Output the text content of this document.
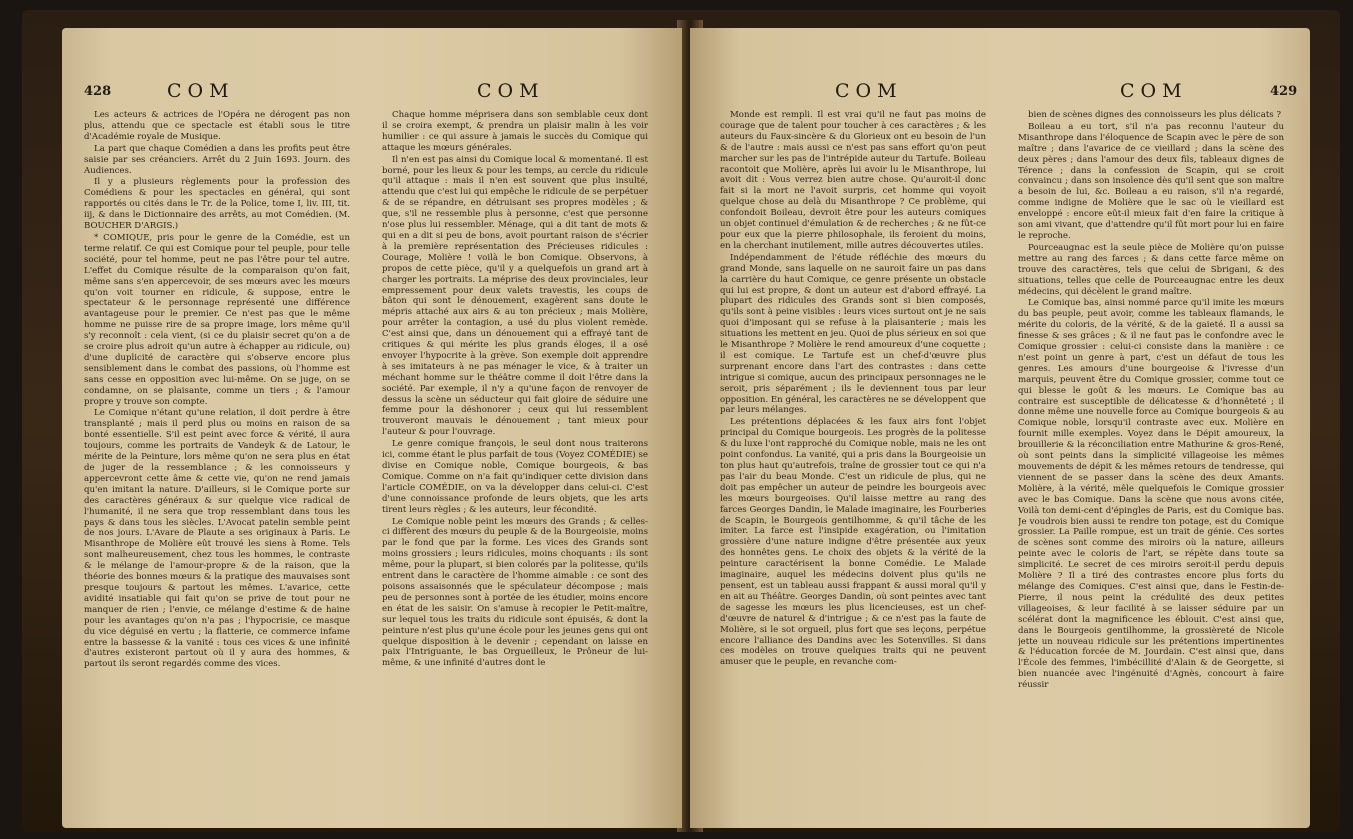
428	COM	COM

Les acteurs & actrices de l'Opéra ne dérogent pas non plus, attendu que ce spectacle est établi sous le titre d'Académie royale de Musique.

La part que chaque Comédien a dans les profits peut être saisie par ses créanciers. Arrêt du 2 Juin 1693. Journ. des Audiences.

Il y a plusieurs règlements pour la profession des Comédiens & pour les spectacles en général, qui sont rapportés ou cités dans le Tr. de la Police, tome I, liv. III, tit. iij, & dans le Dictionnaire des arrêts, au mot Comédien. (M. BOUCHER D'ARGIS.)

* COMIQUE, pris pour le genre de la Comédie, est un terme relatif. Ce qui est Comique pour tel peuple, pour telle société, pour tel homme, peut ne pas l'être pour tel autre. L'effet du Comique résulte de la comparaison qu'on fait, même sans s'en appercevoir, de ses mœurs avec les mœurs qu'on voit tourner en ridicule, & suppose, entre le spectateur & le personnage représenté une différence avantageuse pour le premier. Ce n'est pas que le même homme ne puisse rire de sa propre image, lors même qu'il s'y reconnoît : cela vient, (si ce du plaisir secret qu'on a de se croire plus adroit qu'un autre à échapper au ridicule, ou) d'une duplicité de caractère qui s'observe encore plus sensiblement dans le combat des passions, où l'homme est sans cesse en opposition avec lui-même. On se juge, on se condamne, on se plaisante, comme un tiers ; & l'amour propre y trouve son compte.

Le Comique n'étant qu'une relation, il doit perdre à être transplanté ; mais il perd plus ou moins en raison de sa bonté essentielle. S'il est peint avec force & vérité, il aura toujours, comme les portraits de Vandeyk & de Latour, le mérite de la Peinture, lors même qu'on ne sera plus en état de juger de la ressemblance ; & les connoisseurs y appercevront cette âme & cette vie, qu'on ne rend jamais qu'en imitant la nature. D'ailleurs, si le Comique porte sur des caractères généraux & sur quelque vice radical de l'humanité, il ne sera que trop ressemblant dans tous les pays & dans tous les siècles. L'Avocat patelin semble peint de nos jours. L'Avare de Plaute a ses originaux à Paris. Le Misanthrope de Molière eût trouvé les siens à Rome. Tels sont malheureusement, chez tous les hommes, le contraste & le mélange de l'amour-propre & de la raison, que la théorie des bonnes mœurs & la pratique des mauvaises sont presque toujours & partout les mêmes. L'avarice, cette avidité insatiable qui fait qu'on se prive de tout pour ne manquer de rien ; l'envie, ce mélange d'estime & de haine pour les avantages qu'on n'a pas ; l'hypocrisie, ce masque du vice déguisé en vertu ; la flatterie, ce commerce infame entre la bassesse & la vanité : tous ces vices & une infinité d'autres existeront partout où il y aura des hommes, & partout ils seront regardés comme des vices.

Chaque homme méprisera dans son semblable ceux dont il se croira exempt, & prendra un plaisir malin à les voir humilier : ce qui assure à jamais le succès du Comique qui attaque les mœurs générales.

Il n'en est pas ainsi du Comique local & momentané. Il est borné, pour les lieux & pour les temps, au cercle du ridicule qu'il attaque : mais il n'en est souvent que plus insulté, attendu que c'est lui qui empêche le ridicule de se perpétuer & de se répandre, en détruisant ses propres modèles ; & que, s'il ne ressemble plus à personne, c'est que personne n'ose plus lui ressembler. Ménage, qui a dit tant de mots & qui en a dit si peu de bons, avoit pourtant raison de s'écrier à la première représentation des Précieuses ridicules : Courage, Molière ! voilà le bon Comique. Observons, à propos de cette pièce, qu'il y a quelquefois un grand art à charger les portraits. La méprise des deux provinciales, leur empressement pour deux valets travestis, les coups de bâton qui sont le dénouement, exagèrent sans doute le mépris attaché aux airs & au ton précieux ; mais Molière, pour arrêter la contagion, a usé du plus violent remède. C'est ainsi que, dans un dénouement qui a effrayé tant de critiques & qui mérite les plus grands éloges, il a osé envoyer l'hypocrite à la grève. Son exemple doit apprendre à ses imitateurs à ne pas ménager le vice, & à traiter un méchant homme sur le théâtre comme il doit l'être dans la société. Par exemple, il n'y a qu'une façon de renvoyer de dessus la scène un séducteur qui fait gloire de séduire une femme pour la déshonorer ; ceux qui lui ressemblent trouveront mauvais le dénouement ; tant mieux pour l'auteur & pour l'ouvrage.

Le genre comique françois, le seul dont nous traiterons ici, comme étant le plus parfait de tous (Voyez COMÉDIE) se divise en Comique noble, Comique bourgeois, & bas Comique. Comme on n'a fait qu'indiquer cette division dans l'article COMÉDIE, on va la développer dans celui-ci. C'est d'une connoissance profonde de leurs objets, que les arts tirent leurs règles ; & les auteurs, leur fécondité.

Le Comique noble peint les mœurs des Grands ; & celles-ci diffèrent des mœurs du peuple & de la Bourgeoisie, moins par le fond que par la forme. Les vices des Grands sont moins grossiers ; leurs ridicules, moins choquants : ils sont même, pour la plupart, si bien colorés par la politesse, qu'ils entrent dans le caractère de l'homme aimable : ce sont des poisons assaisonnés que le spéculateur décompose ; mais peu de personnes sont à portée de les étudier, moins encore en état de les saisir. On s'amuse à recopier le Petit-maître, sur lequel tous les traits du ridicule sont épuisés, & dont la peinture n'est plus qu'une école pour les jeunes gens qui ont quelque disposition à le devenir ; cependant on laisse en paix l'Intriguante, le bas Orgueilleux, le Prôneur de lui-même, & une infinité d'autres dont le

COM	COM	429

Monde est rempli. Il est vrai qu'il ne faut pas moins de courage que de talent pour toucher à ces caractères ; & les auteurs du Faux-sincère & du Glorieux ont eu besoin de l'un & de l'autre : mais aussi ce n'est pas sans effort qu'on peut marcher sur les pas de l'intrépide auteur du Tartufe. Boileau racontoit que Molière, après lui avoir lu le Misanthrope, lui avoit dit : Vous verrez bien autre chose. Qu'auroit-il donc fait si la mort ne l'avoit surpris, cet homme qui voyoit quelque chose au delà du Misanthrope ? Ce problème, qui confondoit Boileau, devroit être pour les auteurs comiques un objet continuel d'émulation & de recherches ; & ne fût-ce pour eux que la pierre philosophale, ils feroient du moins, en la cherchant inutilement, mille autres découvertes utiles.

Indépendamment de l'étude réfléchie des mœurs du grand Monde, sans laquelle on ne sauroit faire un pas dans la carrière du haut Comique, ce genre présente un obstacle qui lui est propre, & dont un auteur est d'abord effrayé. La plupart des ridicules des Grands sont si bien composés, qu'ils sont à peine visibles : leurs vices surtout ont je ne sais quoi d'imposant qui se refuse à la plaisanterie ; mais les situations les mettent en jeu. Quoi de plus sérieux en soi que le Misanthrope ? Molière le rend amoureux d'une coquette ; il est comique. Le Tartufe est un chef-d'œuvre plus surprenant encore dans l'art des contrastes : dans cette intrigue si comique, aucun des principaux personnages ne le seroit, pris séparément ; ils le deviennent tous par leur opposition. En général, les caractères ne se développent que par leurs mélanges.

Les prétentions déplacées & les faux airs font l'objet principal du Comique bourgeois. Les progrès de la politesse & du luxe l'ont rapproché du Comique noble, mais ne les ont point confondus. La vanité, qui a pris dans la Bourgeoisie un ton plus haut qu'autrefois, traîne de grossier tout ce qui n'a pas l'air du beau Monde. C'est un ridicule de plus, qui ne doit pas empêcher un auteur de peindre les bourgeois avec les mœurs bourgeoises. Qu'il laisse mettre au rang des farces Georges Dandin, le Malade imaginaire, les Fourberies de Scapin, le Bourgeois gentilhomme, & qu'il tâche de les imiter. La farce est l'insipide exagération, ou l'imitation grossière d'une nature indigne d'être présentée aux yeux des honnêtes gens. Le choix des objets & la vérité de la peinture caractérisent la bonne Comédie. Le Malade imaginaire, auquel les médecins doivent plus qu'ils ne pensent, est un tableau aussi frappant & aussi moral qu'il y en ait au Théâtre. Georges Dandin, où sont peintes avec tant de sagesse les mœurs les plus licencieuses, est un chef-d'œuvre de naturel & d'intrigue ; & ce n'est pas la faute de Molière, si le sot orgueil, plus fort que ses leçons, perpétue encore l'alliance des Dandins avec les Sotenvilles. Si dans ces modèles on trouve quelques traits qui ne peuvent amuser que le peuple, en revanche com-

bien de scènes dignes des connoisseurs les plus délicats ?

Boileau a eu tort, s'il n'a pas reconnu l'auteur du Misanthrope dans l'éloquence de Scapin avec le père de son maître ; dans l'avarice de ce vieillard ; dans la scène des deux pères ; dans l'amour des deux fils, tableaux dignes de Térence ; dans la confession de Scapin, qui se croit convaincu ; dans son insolence dès qu'il sent que son maître a besoin de lui, &c. Boileau a eu raison, s'il n'a regardé, comme indigne de Molière que le sac où le vieillard est enveloppé : encore eût-il mieux fait d'en faire la critique à son ami vivant, que d'attendre qu'il fût mort pour lui en faire le reproche.

Pourceaugnac est la seule pièce de Molière qu'on puisse mettre au rang des farces ; & dans cette farce même on trouve des caractères, tels que celui de Sbrigani, & des situations, telles que celle de Pourceaugnac entre les deux médecins, qui décèlent le grand maître.

Le Comique bas, ainsi nommé parce qu'il imite les mœurs du bas peuple, peut avoir, comme les tableaux flamands, le mérite du coloris, de la vérité, & de la gaieté. Il a aussi sa finesse & ses grâces ; & il ne faut pas le confondre avec le Comique grossier : celui-ci consiste dans la manière : ce n'est point un genre à part, c'est un défaut de tous les genres. Les amours d'une bourgeoise & l'ivresse d'un marquis, peuvent être du Comique grossier, comme tout ce qui blesse le goût & les mœurs. Le Comique bas au contraire est susceptible de délicatesse & d'honnêteté ; il donne même une nouvelle force au Comique bourgeois & au Comique noble, lorsqu'il contraste avec eux. Molière en fournit mille exemples. Voyez dans le Dépit amoureux, la brouillerie & la réconciliation entre Mathurine & gros-René, où sont peints dans la simplicité villageoise les mêmes mouvements de dépit & les mêmes retours de tendresse, qui viennent de se passer dans la scène des deux Amants. Molière, à la vérité, mêle quelquefois le Comique grossier avec le bas Comique. Dans la scène que nous avons citée, Voilà ton demi-cent d'épingles de Paris, est du Comique bas. Je voudrois bien aussi te rendre ton potage, est du Comique grossier. La Paille rompue, est un trait de génie. Ces sortes de scènes sont comme des miroirs où la nature, ailleurs peinte avec le coloris de l'art, se répète dans toute sa simplicité. Le secret de ces miroirs seroit-il perdu depuis Molière ? Il a tiré des contrastes encore plus forts du mélange des Comiques. C'est ainsi que, dans le Festin-de-Pierre, il nous peint la crédulité des deux petites villageoises, & leur facilité à se laisser séduire par un scélérat dont la magnificence les éblouit. C'est ainsi que, dans le Bourgeois gentilhomme, la grossièreté de Nicole jette un nouveau ridicule sur les prétentions impertinentes & l'éducation forcée de M. Jourdain. C'est ainsi que, dans l'École des femmes, l'imbécillité d'Alain & de Georgette, si bien nuancée avec l'ingénuité d'Agnès, concourt à faire réussir
